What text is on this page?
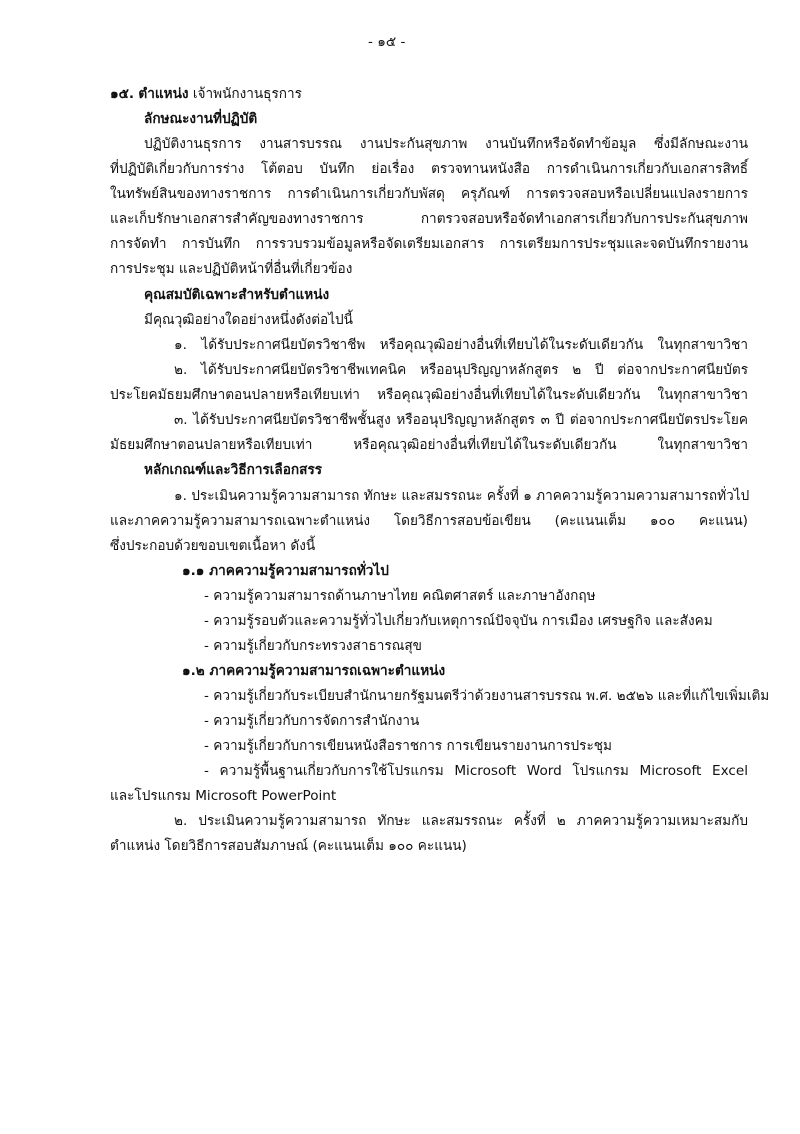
- ๑๕ -
๑๕. ตำแหน่ง เจ้าพนักงานธุรการ
ลักษณะงานที่ปฏิบัติ
ปฏิบัติงานธุรการ งานสารบรรณ งานประกันสุขภาพ งานบันทึกหรือจัดทำข้อมูล ซึ่งมีลักษณะงาน
ที่ปฏิบัติเกี่ยวกับการร่าง โต้ตอบ บันทึก ย่อเรื่อง ตรวจทานหนังสือ การดำเนินการเกี่ยวกับเอกสารสิทธิ์
ในทรัพย์สินของทางราชการ การดำเนินการเกี่ยวกับพัสดุ ครุภัณฑ์ การตรวจสอบหรือเปลี่ยนแปลงรายการ
และเก็บรักษาเอกสารสำคัญของทางราชการ กาตรวจสอบหรือจัดทำเอกสารเกี่ยวกับการประกันสุขภาพ
การจัดทำ การบันทึก การรวบรวมข้อมูลหรือจัดเตรียมเอกสาร การเตรียมการประชุมและจดบันทึกรายงาน
การประชุม และปฏิบัติหน้าที่อื่นที่เกี่ยวข้อง
คุณสมบัติเฉพาะสำหรับตำแหน่ง
มีคุณวุฒิอย่างใดอย่างหนึ่งดังต่อไปนี้
๑. ได้รับประกาศนียบัตรวิชาชีพ หรือคุณวุฒิอย่างอื่นที่เทียบได้ในระดับเดียวกัน ในทุกสาขาวิชา
๒. ได้รับประกาศนียบัตรวิชาชีพเทคนิค หรืออนุปริญญาหลักสูตร ๒ ปี ต่อจากประกาศนียบัตร
ประโยคมัธยมศึกษาตอนปลายหรือเทียบเท่า หรือคุณวุฒิอย่างอื่นที่เทียบได้ในระดับเดียวกัน ในทุกสาขาวิชา
๓. ได้รับประกาศนียบัตรวิชาชีพชั้นสูง หรืออนุปริญญาหลักสูตร ๓ ปี ต่อจากประกาศนียบัตรประโยค
มัธยมศึกษาตอนปลายหรือเทียบเท่า หรือคุณวุฒิอย่างอื่นที่เทียบได้ในระดับเดียวกัน ในทุกสาขาวิชา
หลักเกณฑ์และวิธีการเลือกสรร
๑. ประเมินความรู้ความสามารถ ทักษะ และสมรรถนะ ครั้งที่ ๑ ภาคความรู้ความความสามารถทั่วไป
และภาคความรู้ความสามารถเฉพาะตำแหน่ง โดยวิธีการสอบข้อเขียน (คะแนนเต็ม ๑๐๐ คะแนน)
ซึ่งประกอบด้วยขอบเขตเนื้อหา ดังนี้
๑.๑ ภาคความรู้ความสามารถทั่วไป
- ความรู้ความสามารถด้านภาษาไทย คณิตศาสตร์ และภาษาอังกฤษ
- ความรู้รอบตัวและความรู้ทั่วไปเกี่ยวกับเหตุการณ์ปัจจุบัน การเมือง เศรษฐกิจ และสังคม
- ความรู้เกี่ยวกับกระทรวงสาธารณสุข
๑.๒ ภาคความรู้ความสามารถเฉพาะตำแหน่ง
- ความรู้เกี่ยวกับระเบียบสำนักนายกรัฐมนตรีว่าด้วยงานสารบรรณ พ.ศ. ๒๕๒๖ และที่แก้ไขเพิ่มเติม
- ความรู้เกี่ยวกับการจัดการสำนักงาน
- ความรู้เกี่ยวกับการเขียนหนังสือราชการ การเขียนรายงานการประชุม
- ความรู้พื้นฐานเกี่ยวกับการใช้โปรแกรม Microsoft Word โปรแกรม Microsoft Excel
และโปรแกรม Microsoft PowerPoint
๒. ประเมินความรู้ความสามารถ ทักษะ และสมรรถนะ ครั้งที่ ๒ ภาคความรู้ความเหมาะสมกับ
ตำแหน่ง โดยวิธีการสอบสัมภาษณ์ (คะแนนเต็ม ๑๐๐ คะแนน)
